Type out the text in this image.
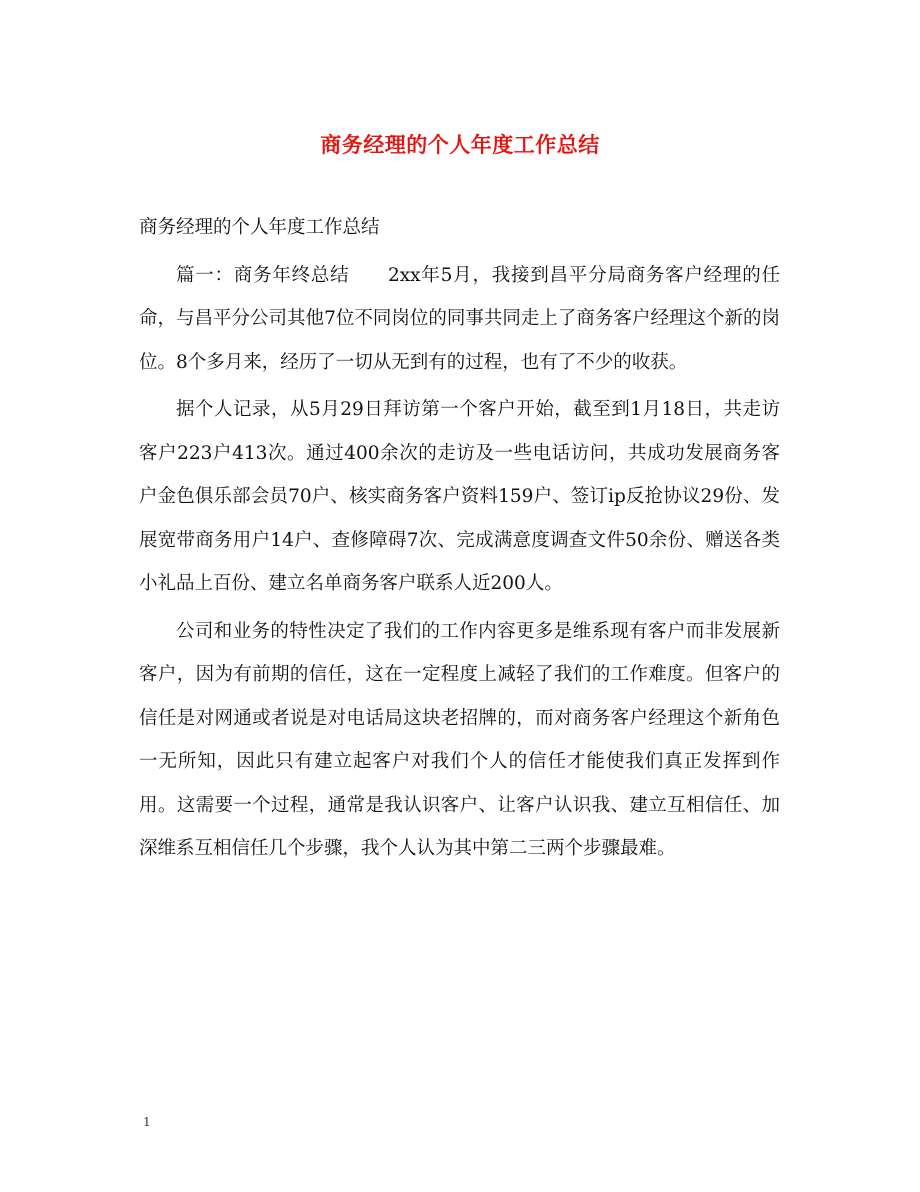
商务经理的个人年度工作总结

商务经理的个人年度工作总结

篇一：商务年终总结　　2xx年5月，我接到昌平分局商务客户经理的任命，与昌平分公司其他7位不同岗位的同事共同走上了商务客户经理这个新的岗位。8个多月来，经历了一切从无到有的过程，也有了不少的收获。

据个人记录，从5月29日拜访第一个客户开始，截至到1月18日，共走访客户223户413次。通过400余次的走访及一些电话访问，共成功发展商务客户金色俱乐部会员70户、核实商务客户资料159户、签订ip反抢协议29份、发展宽带商务用户14户、查修障碍7次、完成满意度调查文件50余份、赠送各类小礼品上百份、建立名单商务客户联系人近200人。

公司和业务的特性决定了我们的工作内容更多是维系现有客户而非发展新客户，因为有前期的信任，这在一定程度上减轻了我们的工作难度。但客户的信任是对网通或者说是对电话局这块老招牌的，而对商务客户经理这个新角色一无所知，因此只有建立起客户对我们个人的信任才能使我们真正发挥到作用。这需要一个过程，通常是我认识客户、让客户认识我、建立互相信任、加深维系互相信任几个步骤，我个人认为其中第二三两个步骤最难。

1
